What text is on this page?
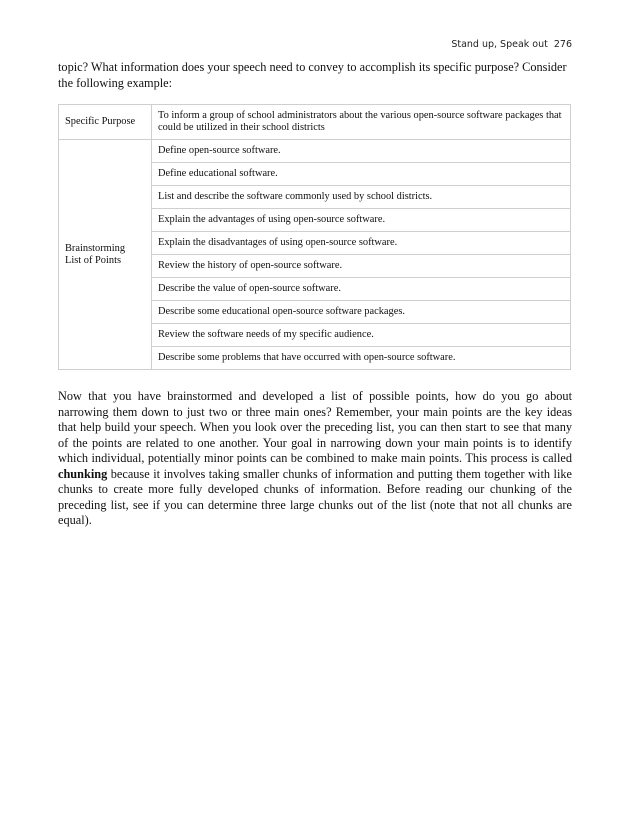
Stand up, Speak out 276

topic? What information does your speech need to convey to accomplish its specific purpose? Consider the following example:

Specific Purpose	To inform a group of school administrators about the various open-source software packages that could be utilized in their school districts
Brainstorming
List of Points	Define open-source software.
	Define educational software.
	List and describe the software commonly used by school districts.
	Explain the advantages of using open-source software.
	Explain the disadvantages of using open-source software.
	Review the history of open-source software.
	Describe the value of open-source software.
	Describe some educational open-source software packages.
	Review the software needs of my specific audience.
	Describe some problems that have occurred with open-source software.

Now that you have brainstormed and developed a list of possible points, how do you go about narrowing them down to just two or three main ones? Remember, your main points are the key ideas that help build your speech. When you look over the preceding list, you can then start to see that many of the points are related to one another. Your goal in narrowing down your main points is to identify which individual, potentially minor points can be combined to make main points. This process is called chunking because it involves taking smaller chunks of information and putting them together with like chunks to create more fully developed chunks of information. Before reading our chunking of the preceding list, see if you can determine three large chunks out of the list (note that not all chunks are equal).
